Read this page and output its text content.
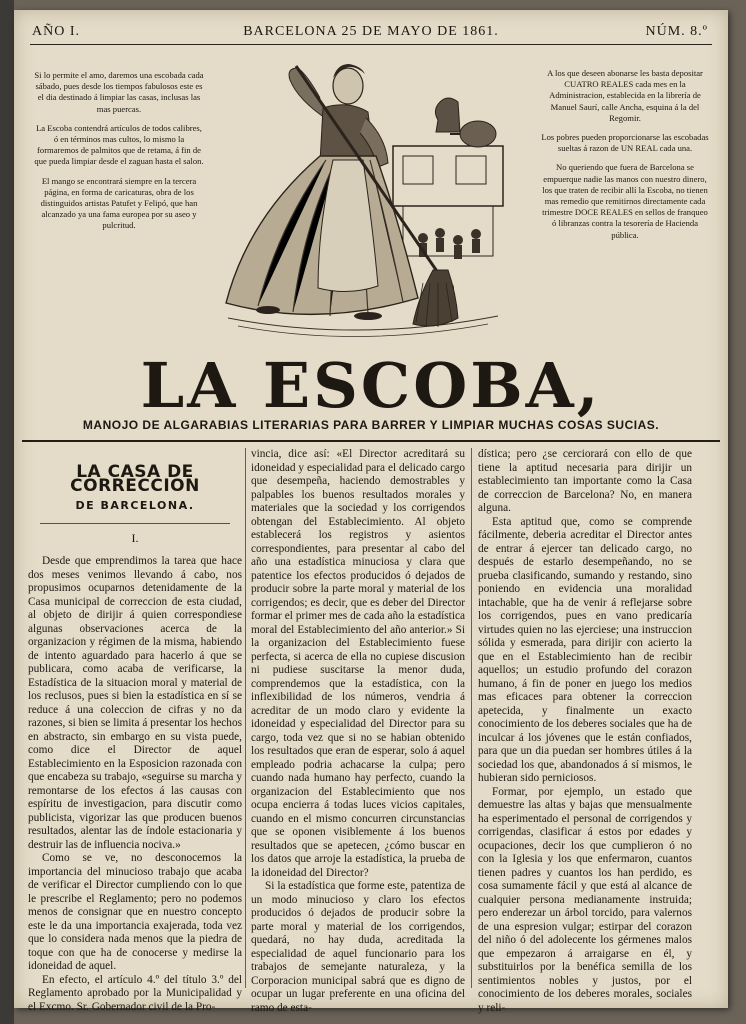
BARCELONA 25 DE MAYO DE 1861.
AÑO I.	NÚM. 8.º

Si lo permite el amo, daremos una escobada cada sábado, pues desde los tiempos fabulosos este es el dia destinado á limpiar las casas, inclusas las mas puercas.

La Escoba contendrá artículos de todos calibres, ó en términos mas cultos, lo mismo la formaremos de palmitos que de retama, á fin de que pueda limpiar desde el zaguan hasta el salon.

El mango se encontrará siempre en la tercera página, en forma de caricaturas, obra de los distinguidos artistas Patufet y Felipó, que han alcanzado ya una fama europea por su aseo y pulcritud.

A los que deseen abonarse les basta depositar CUATRO REALES cada mes en la Administracion, establecida en la librería de Manuel Saurí, calle Ancha, esquina á la del Regomir.

Los pobres pueden proporcionarse las escobadas sueltas á razon de UN REAL cada una.

No queriendo que fuera de Barcelona se empuerque nadie las manos con nuestro dinero, los que traten de recibir allí la Escoba, no tienen mas remedio que remitirnos directamente cada trimestre DOCE REALES en sellos de franqueo ó libranzas contra la tesorería de Hacienda pública.

LA ESCOBA,
MANOJO DE ALGARABIAS LITERARIAS PARA BARRER Y LIMPIAR MUCHAS COSAS SUCIAS.
LA CASA DE CORRECCION
DE BARCELONA.
I.

Desde que emprendimos la tarea que hace dos meses venimos llevando á cabo, nos propusimos ocuparnos detenidamente de la Casa municipal de correccion de esta ciudad, al objeto de dirijir á quien correspondiese algunas observaciones acerca de la organizacion y régimen de la misma, habiendo de intento aguardado para hacerlo á que se publicara, como acaba de verificarse, la Estadística de la situacion moral y material de los reclusos, pues si bien la estadística en sí se reduce á una coleccion de cifras y no da razones, si bien se limita á presentar los hechos en abstracto, sin embargo en su vista puede, como dice el Director de aquel Establecimiento en la Esposicion razonada con que encabeza su trabajo, «seguirse su marcha y remontarse de los efectos á las causas con espíritu de investigacion, para discutir como publicista, vigorizar las que producen buenos resultados, alentar las de índole estacionaria y destruir las de influencia nociva.»

Como se ve, no desconocemos la importancia del minucioso trabajo que acaba de verificar el Director cumpliendo con lo que le prescribe el Reglamento; pero no podemos menos de consignar que en nuestro concepto este le da una importancia exajerada, toda vez que lo considera nada menos que la piedra de toque con que ha de conocerse y medirse la idoneidad de aquel.

En efecto, el artículo 4.º del título 3.º del Reglamento aprobado por la Municipalidad y el Excmo. Sr. Gobernador civil de la Pro-

vincia, dice así: «El Director acreditará su idoneidad y especialidad para el delicado cargo que desempeña, haciendo demostrables y palpables los buenos resultados morales y materiales que la sociedad y los corrigendos obtengan del Establecimiento. Al objeto establecerá los registros y asientos correspondientes, para presentar al cabo del año una estadística minuciosa y clara que patentice los efectos producidos ó dejados de producir sobre la parte moral y material de los corrigendos; es decir, que es deber del Director formar el primer mes de cada año la estadística moral del Establecimiento del año anterior.» Si la organizacion del Establecimiento fuese perfecta, si acerca de ella no cupiese discusion ni pudiese suscitarse la menor duda, comprendemos que la estadística, con la inflexibilidad de los números, vendria á acreditar de un modo claro y evidente la idoneidad y especialidad del Director para su cargo, toda vez que si no se habian obtenido los resultados que eran de esperar, solo á aquel empleado podria achacarse la culpa; pero cuando nada humano hay perfecto, cuando la organizacion del Establecimiento que nos ocupa encierra á todas luces vicios capitales, cuando en el mismo concurren circunstancias que se oponen visiblemente á los buenos resultados que se apetecen, ¿cómo buscar en los datos que arroje la estadística, la prueba de la idoneidad del Director?

Si la estadística que forme este, patentiza de un modo minucioso y claro los efectos producidos ó dejados de producir sobre la parte moral y material de los corrigendos, quedará, no hay duda, acreditada la especialidad de aquel funcionario para los trabajos de semejante naturaleza, y la Corporacion municipal sabrá que es digno de ocupar un lugar preferente en una oficina del ramo de esta-

dística; pero ¿se cerciorará con ello de que tiene la aptitud necesaria para dirijir un establecimiento tan importante como la Casa de correccion de Barcelona? No, en manera alguna.

Esta aptitud que, como se comprende fácilmente, deberia acreditar el Director antes de entrar á ejercer tan delicado cargo, no después de estarlo desempeñando, no se prueba clasificando, sumando y restando, sino poniendo en evidencia una moralidad intachable, que ha de venir á reflejarse sobre los corrigendos, pues en vano predicaría virtudes quien no las ejerciese; una instruccion sólida y esmerada, para dirijir con acierto la que en el Establecimiento han de recibir aquellos; un estudio profundo del corazon humano, á fin de poner en juego los medios mas eficaces para obtener la correccion apetecida, y finalmente un exacto conocimiento de los deberes sociales que ha de inculcar á los jóvenes que le están confiados, para que un dia puedan ser hombres útiles á la sociedad los que, abandonados á sí mismos, le hubieran sido perniciosos.

Formar, por ejemplo, un estado que demuestre las altas y bajas que mensualmente ha esperimentado el personal de corrigendos y corrigendas, clasificar á estos por edades y ocupaciones, decir los que cumplieron ó no con la Iglesia y los que enfermaron, cuantos tienen padres y cuantos los han perdido, es cosa sumamente fácil y que está al alcance de cualquier persona medianamente instruida; pero enderezar un árbol torcido, para valernos de una espresion vulgar; estirpar del corazon del niño ó del adolecente los gérmenes malos que empezaron á arraigarse en él, y substituirlos por la benéfica semilla de los sentimientos nobles y justos, por el conocimiento de los deberes morales, sociales y reli-
